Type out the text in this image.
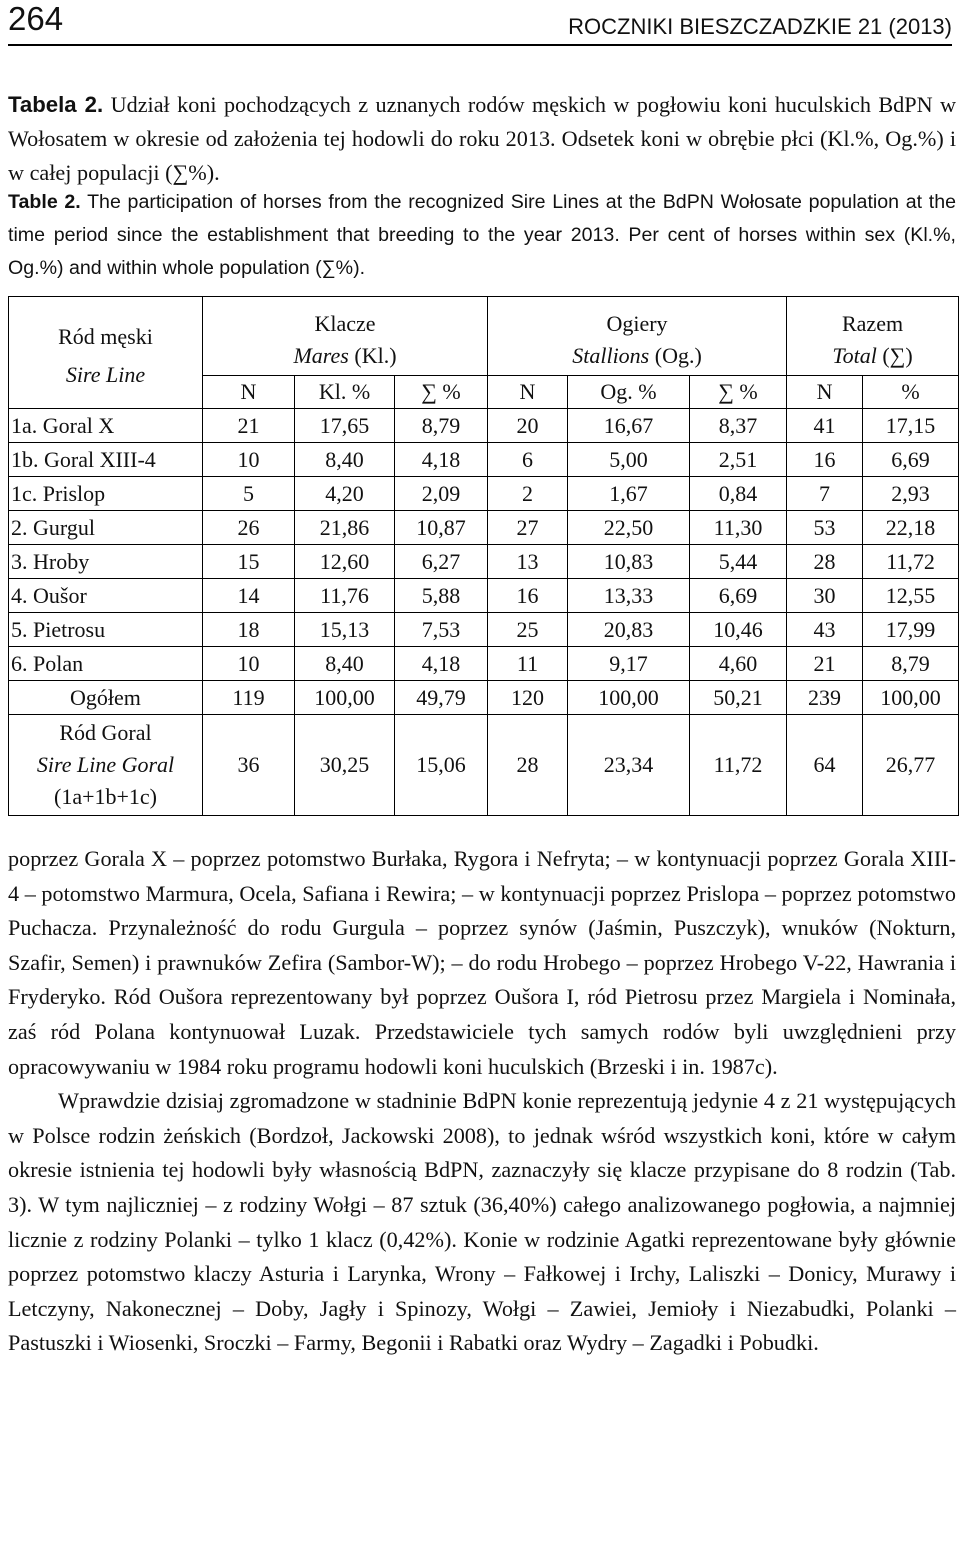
264	ROCZNIKI BIESZCZADZKIE 21 (2013)
Tabela 2. Udział koni pochodzących z uznanych rodów męskich w pogłowiu koni huculskich BdPN w Wołosatem w okresie od założenia tej hodowli do roku 2013. Odsetek koni w obrębie płci (Kl.%, Og.%) i w całej populacji (∑%).
Table 2. The participation of horses from the recognized Sire Lines at the BdPN Wołosate population at the time period since the establishment that breeding to the year 2013. Per cent of horses within sex (Kl.%, Og.%) and within whole population (∑%).
Ród męski
Sire Line	Klacze			Ogiery			Razem	
	Mares (Kl.)			Stallions (Og.)			Total (∑)	
	N	Kl. %	∑ %	N	Og. %	∑ %	N	%
1a. Goral X	21	17,65	8,79	20	16,67	8,37	41	17,15
1b. Goral XIII-4	10	8,40	4,18	6	5,00	2,51	16	6,69
1c. Prislop	5	4,20	2,09	2	1,67	0,84	7	2,93
2. Gurgul	26	21,86	10,87	27	22,50	11,30	53	22,18
3. Hroby	15	12,60	6,27	13	10,83	5,44	28	11,72
4. Oušor	14	11,76	5,88	16	13,33	6,69	30	12,55
5. Pietrosu	18	15,13	7,53	25	20,83	10,46	43	17,99
6. Polan	10	8,40	4,18	11	9,17	4,60	21	8,79
Ogółem	119	100,00	49,79	120	100,00	50,21	239	100,00

Ród Goral
Sire Line Goral
(1a+1b+1c)	36	30,25	15,06	28	23,34	11,72	64	26,77

poprzez Gorala X – poprzez potomstwo Burłaka, Rygora i Nefryta; – w kontynuacji poprzez Gorala XIII-4 – potomstwo Marmura, Ocela, Safiana i Rewira; – w kontynuacji poprzez Prislopa – poprzez potomstwo Puchacza. Przynależność do rodu Gurgula – poprzez synów (Jaśmin, Puszczyk), wnuków (Nokturn, Szafir, Semen) i prawnuków Zefira (Sambor-W); – do rodu Hrobego – poprzez Hrobego V-22, Hawrania i Fryderyko. Ród Oušora reprezentowany był poprzez Oušora I, ród Pietrosu przez Margiela i Nominała, zaś ród Polana kontynuował Luzak. Przedstawiciele tych samych rodów byli uwzględnieni przy opracowywaniu w 1984 roku programu hodowli koni huculskich (Brzeski i in. 1987c).

Wprawdzie dzisiaj zgromadzone w stadninie BdPN konie reprezentują jedynie 4 z 21 występujących w Polsce rodzin żeńskich (Bordzoł, Jackowski 2008), to jednak wśród wszystkich koni, które w całym okresie istnienia tej hodowli były własnością BdPN, zaznaczyły się klacze przypisane do 8 rodzin (Tab. 3). W tym najliczniej – z rodziny Wołgi – 87 sztuk (36,40%) całego analizowanego pogłowia, a najmniej licznie z rodziny Polanki – tylko 1 klacz (0,42%). Konie w rodzinie Agatki reprezentowane były głównie poprzez potomstwo klaczy Asturia i Larynka, Wrony – Fałkowej i Irchy, Laliszki – Donicy, Murawy i Letczyny, Nakonecznej – Doby, Jagły i Spinozy, Wołgi – Zawiei, Jemioły i Niezabudki, Polanki – Pastuszki i Wiosenki, Sroczki – Farmy, Begonii i Rabatki oraz Wydry – Zagadki i Pobudki.
